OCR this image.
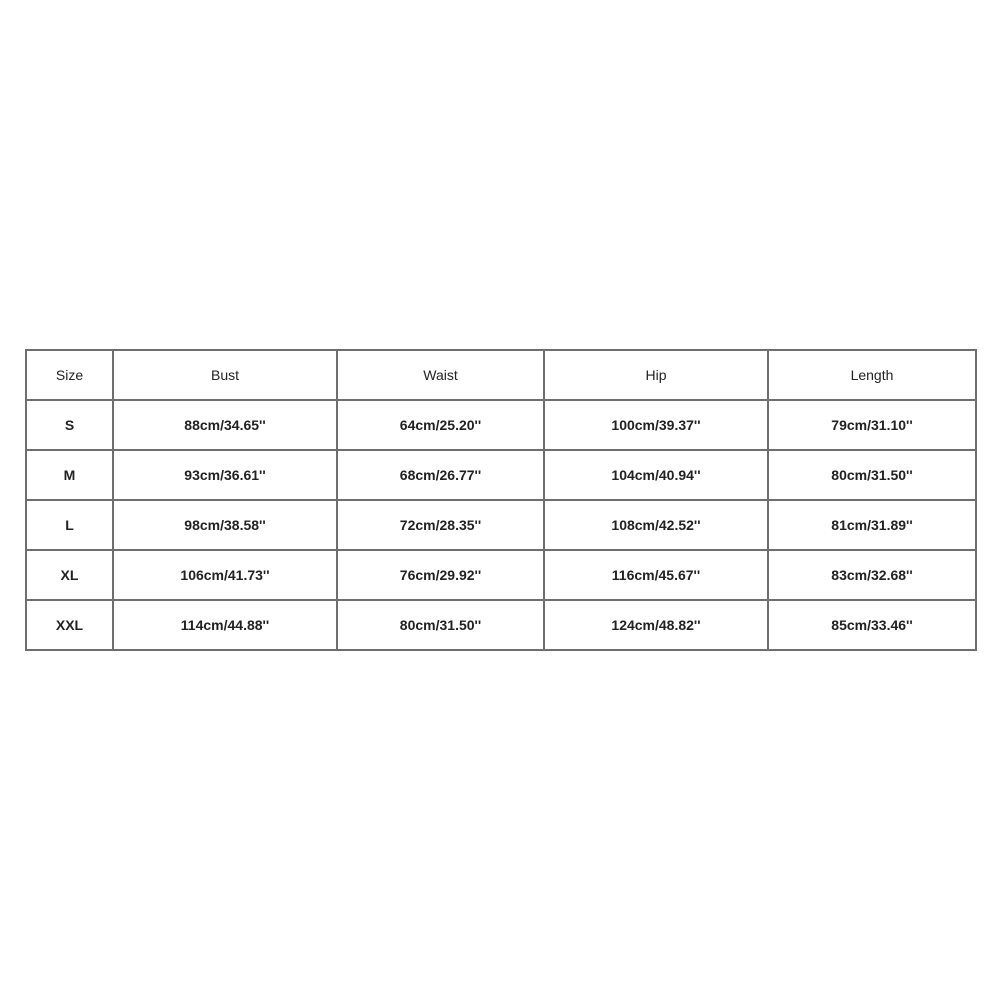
Size	Bust	Waist	Hip	Length
S	88cm/34.65''	64cm/25.20''	100cm/39.37''	79cm/31.10''
M	93cm/36.61''	68cm/26.77''	104cm/40.94''	80cm/31.50''
L	98cm/38.58''	72cm/28.35''	108cm/42.52''	81cm/31.89''
XL	106cm/41.73''	76cm/29.92''	116cm/45.67''	83cm/32.68''
XXL	114cm/44.88''	80cm/31.50''	124cm/48.82''	85cm/33.46''
